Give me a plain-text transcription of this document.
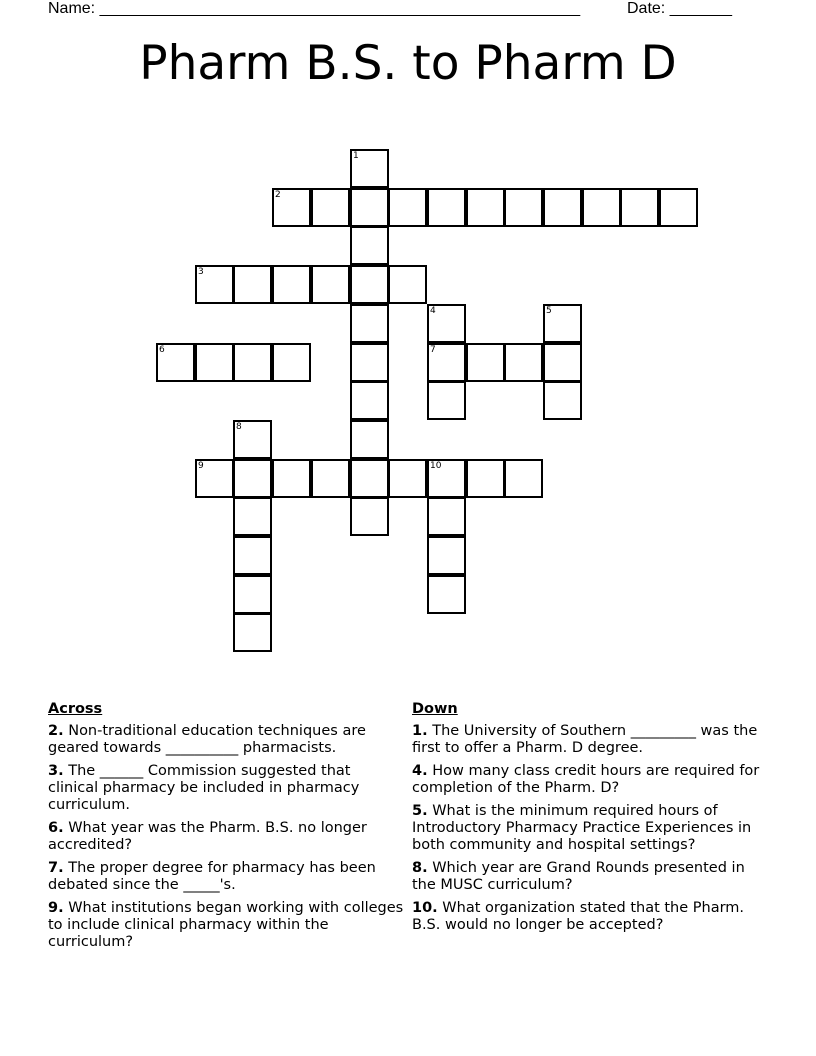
Name: ______________________________________________________	Date: _______
Pharm B.S. to Pharm D
1
2
3
4	5
6	7
8
9	10
Across
2. Non-traditional education techniques are geared towards __________ pharmacists.
3. The ______ Commission suggested that clinical pharmacy be included in pharmacy curriculum.
6. What year was the Pharm. B.S. no longer accredited?
7. The proper degree for pharmacy has been debated since the _____'s.
9. What institutions began working with colleges to include clinical pharmacy within the curriculum?
Down
1. The University of Southern _________ was the first to offer a Pharm. D degree.
4. How many class credit hours are required for completion of the Pharm. D?
5. What is the minimum required hours of Introductory Pharmacy Practice Experiences in both community and hospital settings?
8. Which year are Grand Rounds presented in the MUSC curriculum?
10. What organization stated that the Pharm. B.S. would no longer be accepted?
